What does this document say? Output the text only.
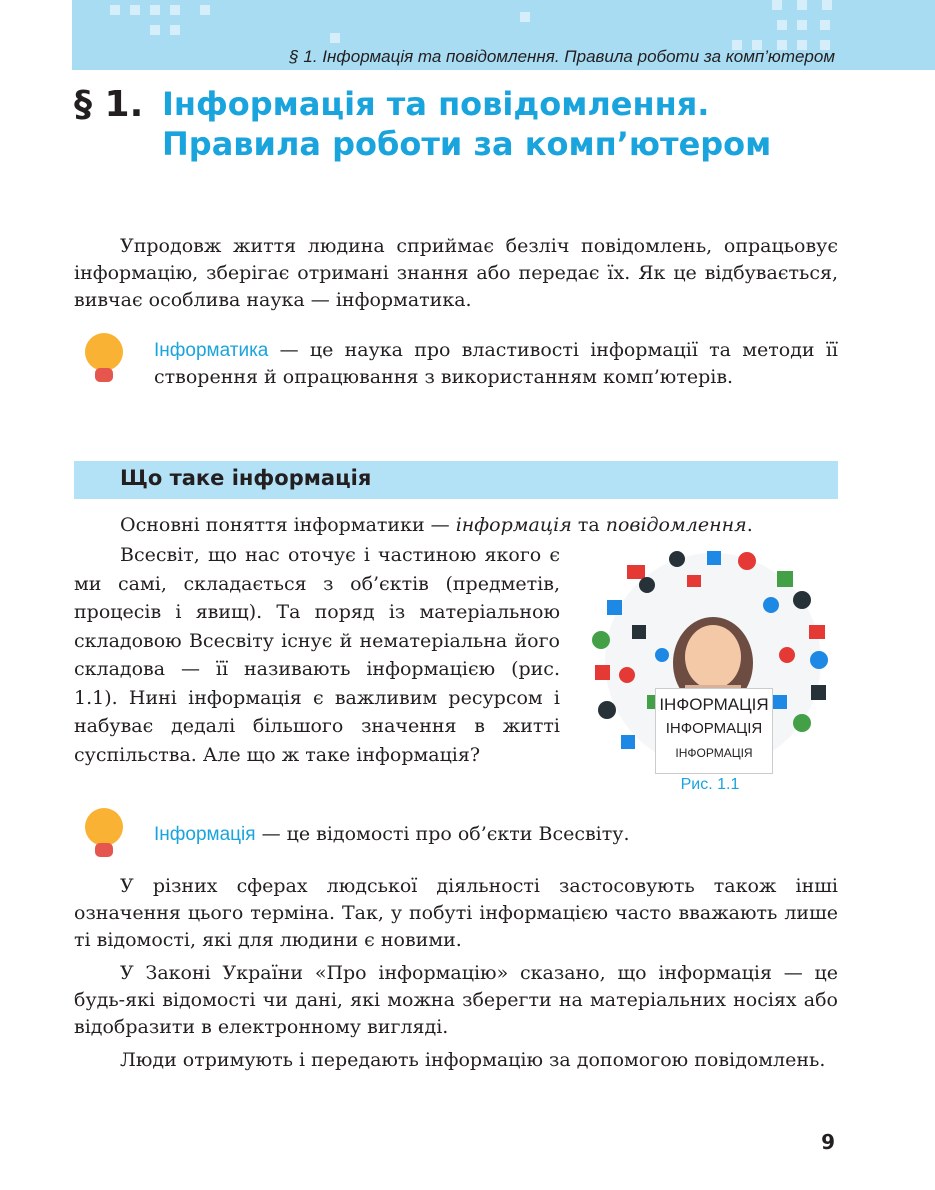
§ 1. Інформація та повідомлення. Правила роботи за комп’ютером
§ 1. Інформація та повідомлення. Правила роботи за комп’ютером

Упродовж життя людина сприймає безліч повідомлень, опрацьовує інформацію, зберігає отримані знання або передає їх. Як це відбувається, вивчає особлива наука — інформатика.

Інформатика — це наука про властивості інформації та методи її створення й опрацювання з використанням комп’ютерів.

Що таке інформація

Основні поняття інформатики — інформація та повідомлення.

Всесвіт, що нас оточує і частиною якого є ми самі, складається з об’єктів (предметів, процесів і явищ). Та поряд із матеріальною складовою Всесвіту існує й нематеріальна його складова — її називають інформацією (рис. 1.1). Нині інформація є важливим ресурсом і набуває дедалі більшого значення в житті суспільства. Але що ж таке інформація?

ІНФОРМАЦІЯ
ІНФОРМАЦІЯ
ІНФОРМАЦІЯ
Рис. 1.1

Інформація — це відомості про об’єкти Всесвіту.

У різних сферах людської діяльності застосовують також інші означення цього терміна. Так, у побуті інформацією часто вважають лише ті відомості, які для людини є новими.

У Законі України «Про інформацію» сказано, що інформація — це будь-які відомості чи дані, які можна зберегти на матеріальних носіях або відобразити в електронному вигляді.

Люди отримують і передають інформацію за допомогою повідомлень.

9
